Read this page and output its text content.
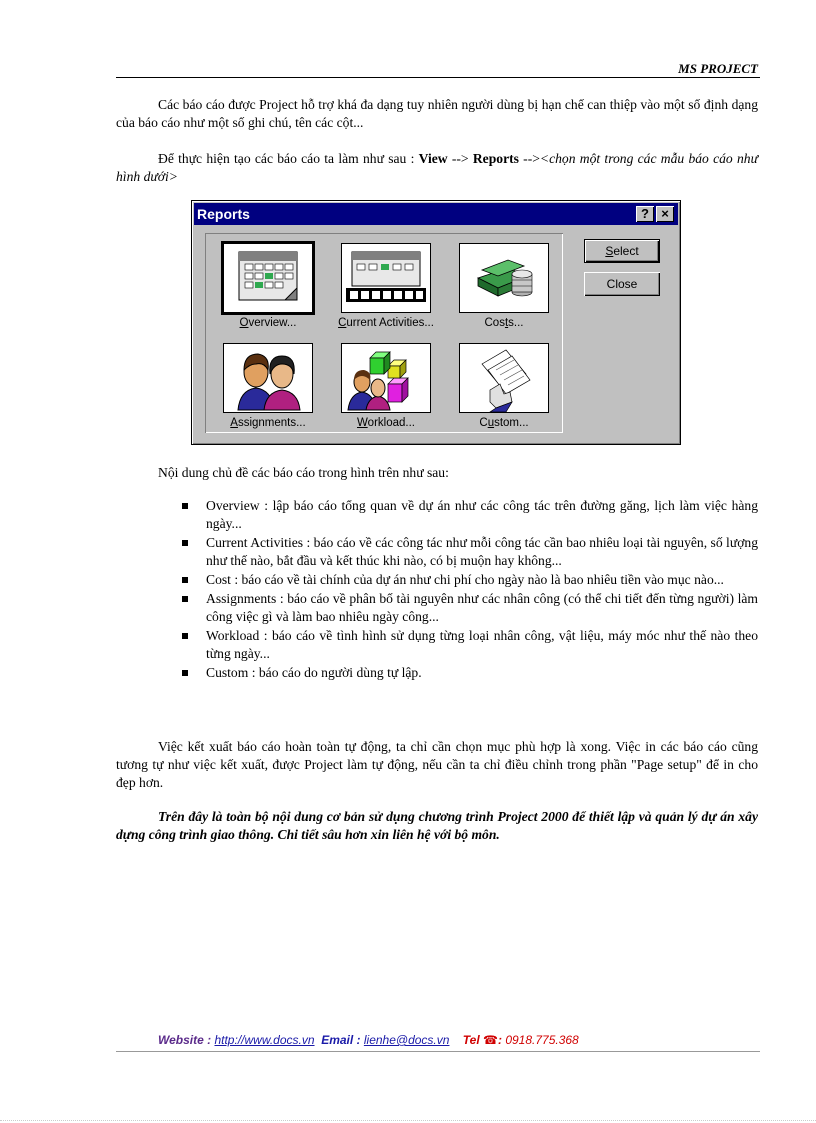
MS PROJECT

Các báo cáo được Project hỗ trợ khá đa dạng tuy nhiên người dùng bị hạn chế can thiệp vào một số định dạng của báo cáo như một số ghi chú, tên các cột...

Để thực hiện tạo các báo cáo ta làm như sau : View --> Reports --><chọn một trong các mẫu báo cáo như hình dưới>

Reports	? ×
Overview...	Current Activities...	Costs...
Assignments...	Workload...	Custom...
Select
Close

Nội dung chủ đề các báo cáo trong hình trên như sau:

Overview : lập báo cáo tổng quan về dự án như các công tác trên đường găng, lịch làm việc hàng ngày...
Current Activities : báo cáo về các công tác như mỗi công tác cần bao nhiêu loại tài nguyên, số lượng như thế nào, bắt đầu và kết thúc khi nào, có bị muộn hay không...
Cost : báo cáo về tài chính của dự án như chi phí cho ngày nào là bao nhiêu tiền vào mục nào...
Assignments : báo cáo về phân bố tài nguyên như các nhân công (có thể chi tiết đến từng người) làm công việc gì và làm bao nhiêu ngày công...
Workload : báo cáo về tình hình sử dụng từng loại nhân công, vật liệu, máy móc như thế nào theo từng ngày...
Custom : báo cáo do người dùng tự lập.

Việc kết xuất báo cáo hoàn toàn tự động, ta chỉ cần chọn mục phù hợp là xong. Việc in các báo cáo cũng tương tự như việc kết xuất, được Project làm tự động, nếu cần ta chỉ điều chỉnh trong phần "Page setup" để in cho đẹp hơn.

Trên đây là toàn bộ nội dung cơ bản sử dụng chương trình Project 2000 để thiết lập và quản lý dự án xây dựng công trình giao thông. Chi tiết sâu hơn xin liên hệ với bộ môn.

Website : http://www.docs.vn Email : lienhe@docs.vn Tel ☎: 0918.775.368
